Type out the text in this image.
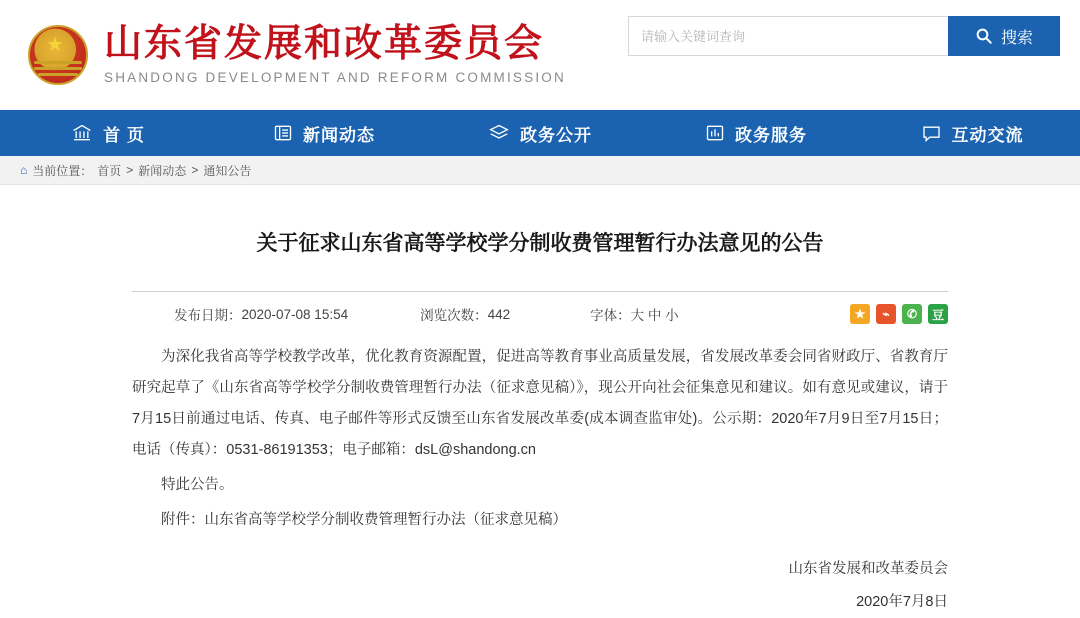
★ 山东省发展和改革委员会
SHANDONG DEVELOPMENT AND REFORM COMMISSION
请输入关键词查询
搜索
首 页	新闻动态	政务公开	政务服务	互动交流
⌂ 当前位置： 首页 > 新闻动态 > 通知公告
关于征求山东省高等学校学分制收费管理暂行办法意见的公告
发布日期： 2020-07-08 15:54	浏览次数： 442	字体： 大 中 小	★	⌁	✆	豆

为深化我省高等学校教学改革，优化教育资源配置，促进高等教育事业高质量发展，省发展改革委会同省财政厅、省教育厅研究起草了《山东省高等学校学分制收费管理暂行办法（征求意见稿）》，现公开向社会征集意见和建议。如有意见或建议，请于7月15日前通过电话、传真、电子邮件等形式反馈至山东省发展改革委(成本调查监审处)。公示期：2020年7月9日至7月15日；电话（传真）：0531-86191353；电子邮箱：dsL@shandong.cn

特此公告。

附件：山东省高等学校学分制收费管理暂行办法（征求意见稿）

山东省发展和改革委员会
2020年7月8日
